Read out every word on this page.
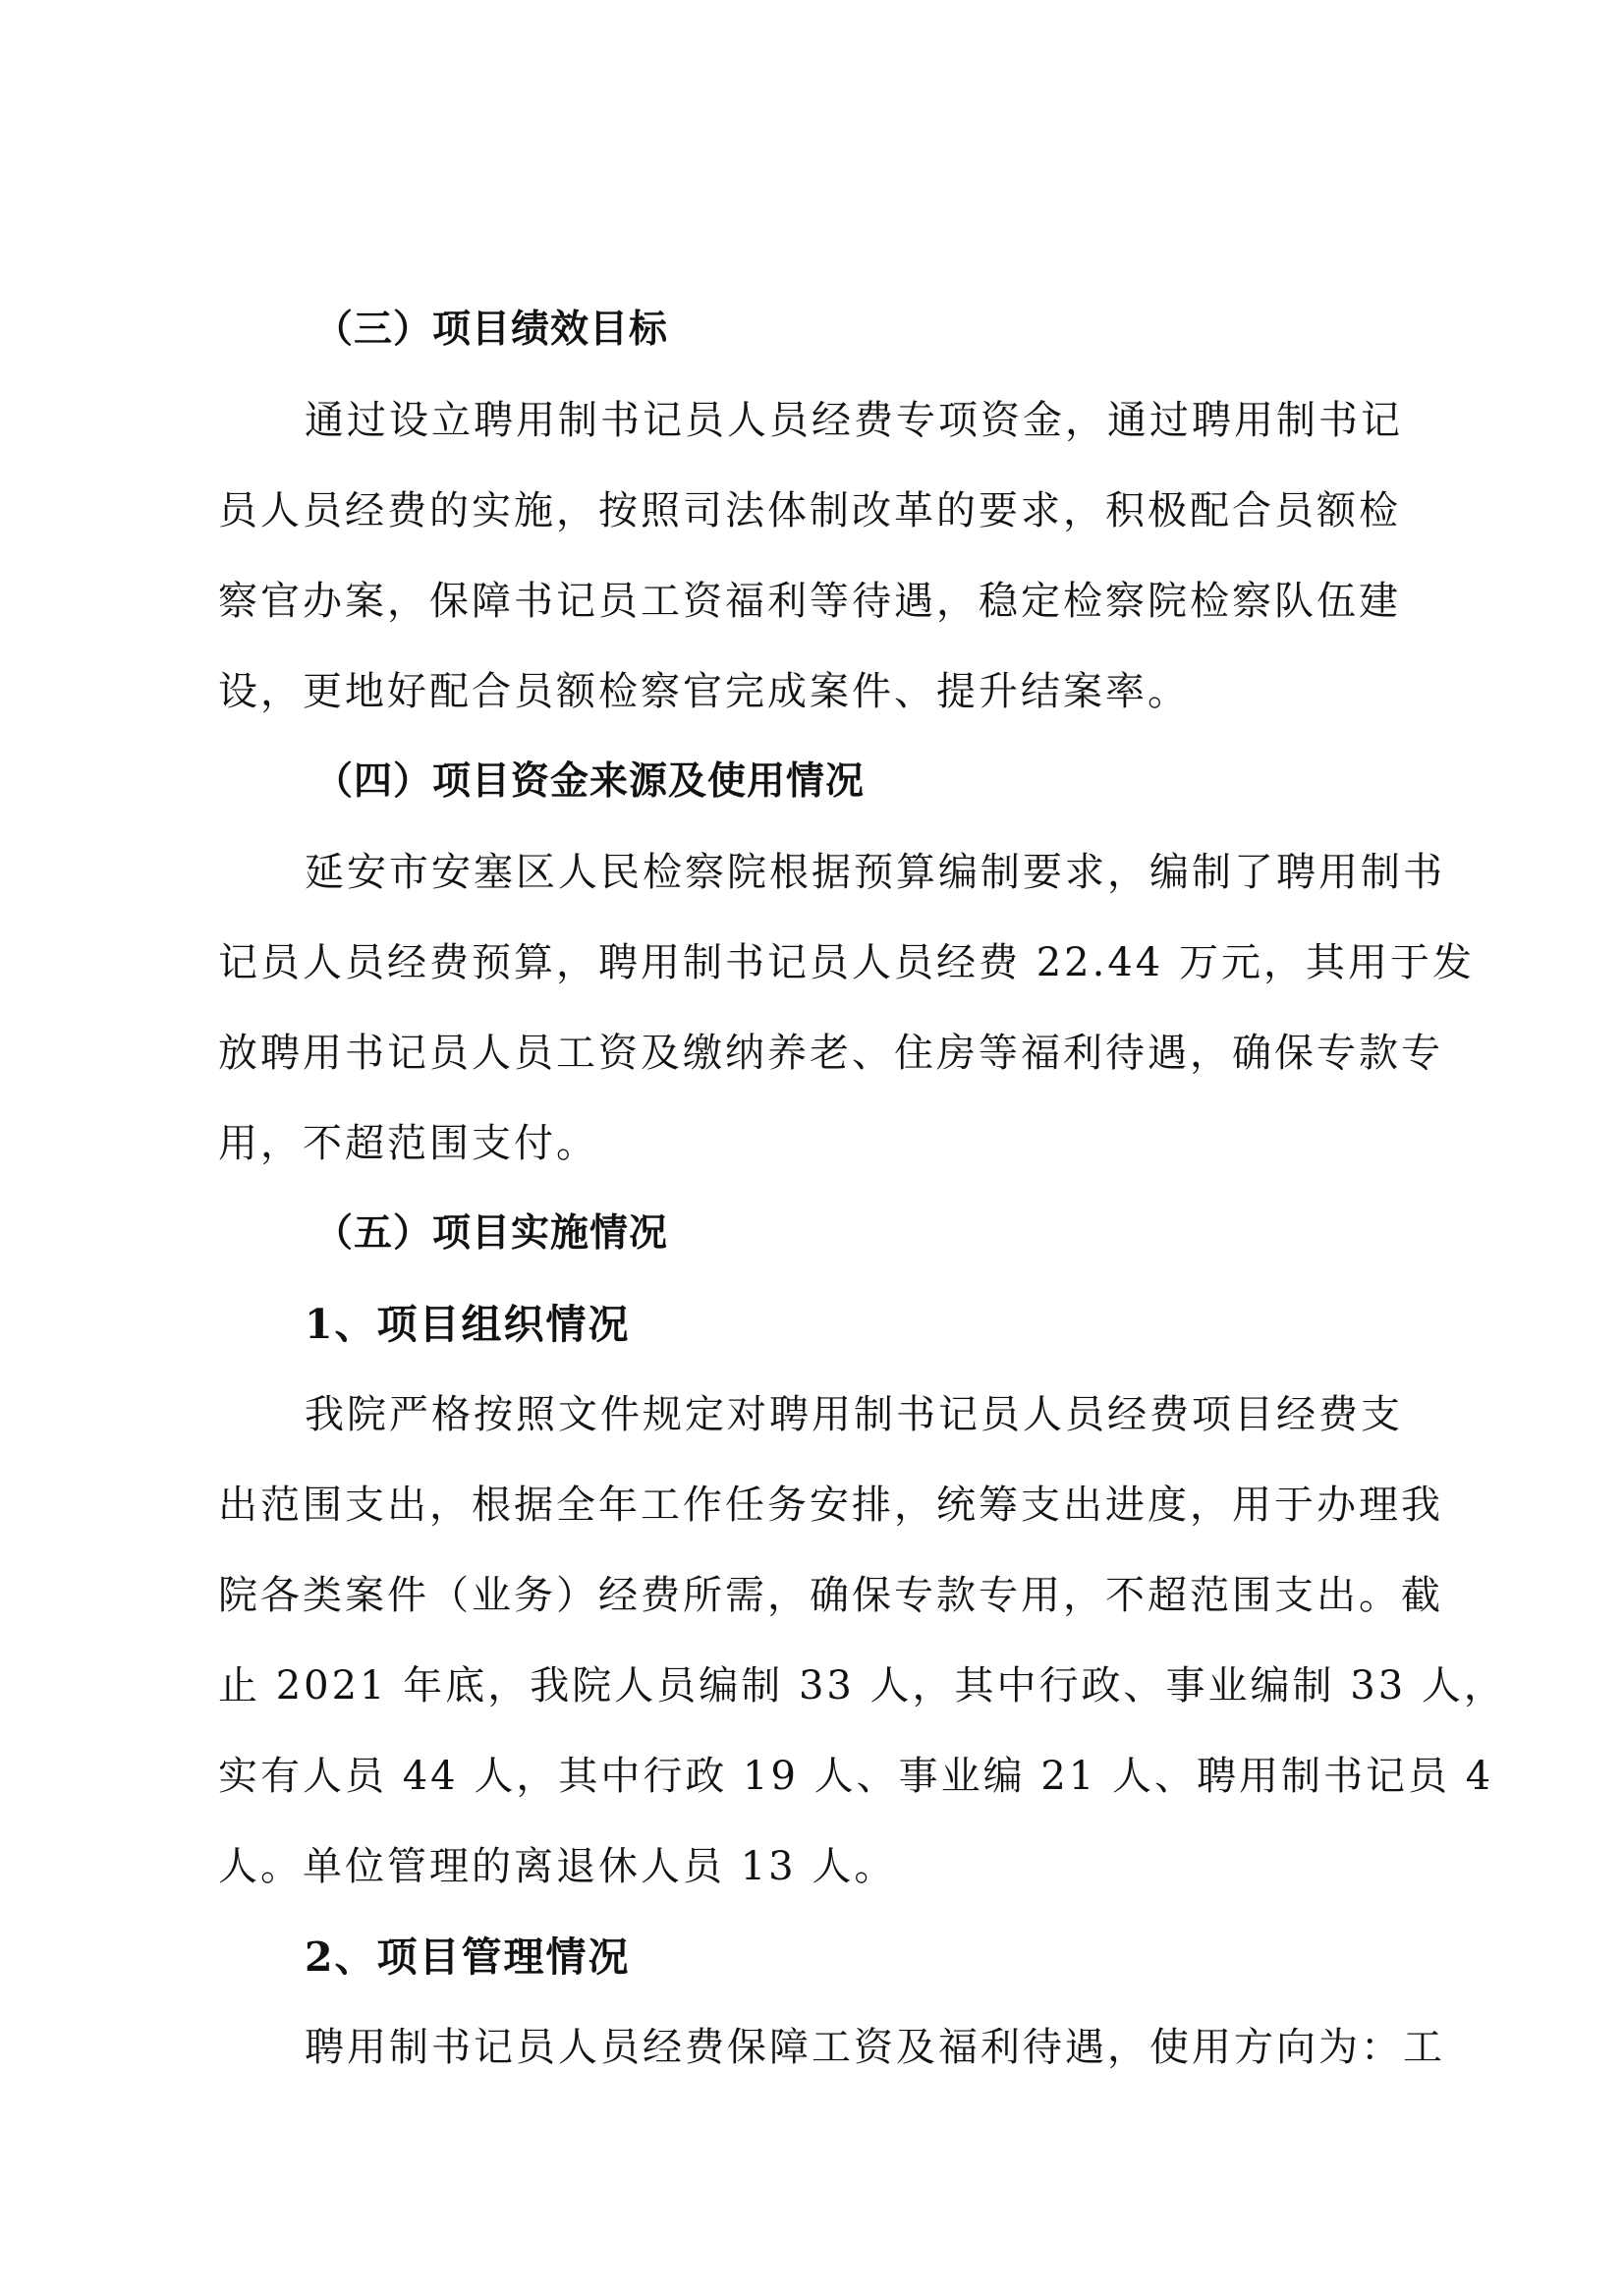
（三）项目绩效目标

通过设立聘用制书记员人员经费专项资金，通过聘用制书记
员人员经费的实施，按照司法体制改革的要求，积极配合员额检
察官办案，保障书记员工资福利等待遇，稳定检察院检察队伍建
设，更地好配合员额检察官完成案件、提升结案率。

（四）项目资金来源及使用情况

延安市安塞区人民检察院根据预算编制要求，编制了聘用制书
记员人员经费预算，聘用制书记员人员经费 22.44 万元，其用于发
放聘用书记员人员工资及缴纳养老、住房等福利待遇，确保专款专
用，不超范围支付。

（五）项目实施情况
1、项目组织情况

我院严格按照文件规定对聘用制书记员人员经费项目经费支
出范围支出，根据全年工作任务安排，统筹支出进度，用于办理我
院各类案件（业务）经费所需，确保专款专用，不超范围支出。截
止 2021 年底，我院人员编制 33 人，其中行政、事业编制 33 人，
实有人员 44 人，其中行政 19 人、事业编 21 人、聘用制书记员 4
人。单位管理的离退休人员 13 人。

2、项目管理情况

聘用制书记员人员经费保障工资及福利待遇，使用方向为：工
